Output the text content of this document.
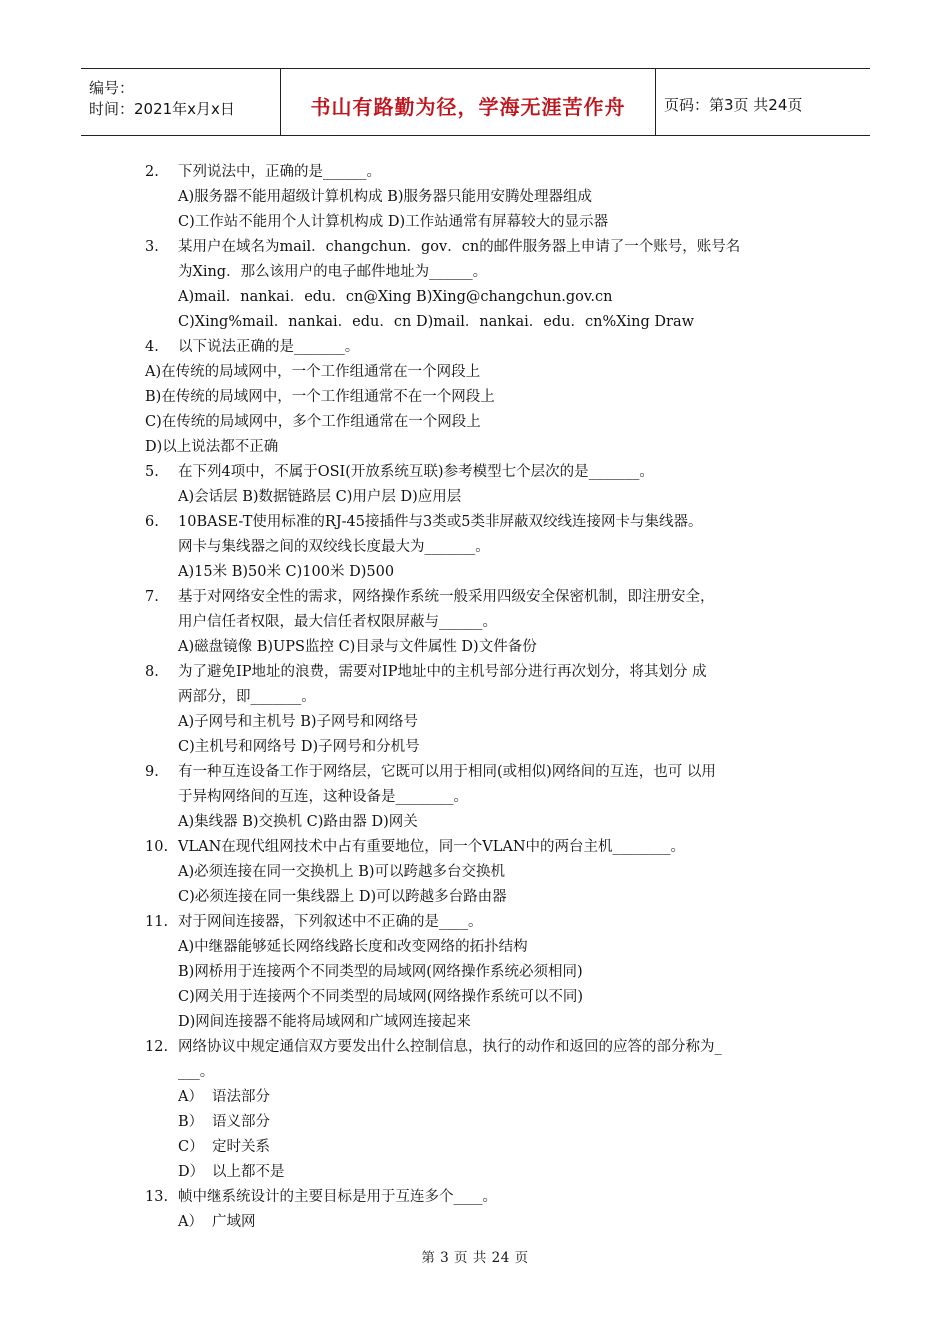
编号：
时间：2021年x月x日	书山有路勤为径，学海无涯苦作舟	页码：第3页 共24页
2. 下列说法中，正确的是______。
A)服务器不能用超级计算机构成 B)服务器只能用安腾处理器组成
C)工作站不能用个人计算机构成 D)工作站通常有屏幕较大的显示器
3. 某用户在域名为mail．changchun．gov．cn的邮件服务器上申请了一个账号，账号名
为Xing．那么该用户的电子邮件地址为______。
A)mail．nankai．edu．cn@Xing B)Xing@changchun.gov.cn
C)Xing%mail．nankai．edu．cn D)mail．nankai．edu．cn%Xing Draw
4. 以下说法正确的是_______。
A)在传统的局域网中，一个工作组通常在一个网段上
B)在传统的局域网中，一个工作组通常不在一个网段上
C)在传统的局域网中，多个工作组通常在一个网段上
D)以上说法都不正确
5. 在下列4项中，不属于OSI(开放系统互联)参考模型七个层次的是_______。
A)会话层 B)数据链路层 C)用户层 D)应用层
6. 10BASE-T使用标准的RJ-45接插件与3类或5类非屏蔽双绞线连接网卡与集线器。
网卡与集线器之间的双绞线长度最大为_______。
A)15米 B)50米 C)100米 D)500
7. 基于对网络安全性的需求，网络操作系统一般采用四级安全保密机制，即注册安全，
用户信任者权限，最大信任者权限屏蔽与______。
A)磁盘镜像 B)UPS监控 C)目录与文件属性 D)文件备份
8. 为了避免IP地址的浪费，需要对IP地址中的主机号部分进行再次划分，将其划分 成
两部分，即_______。
A)子网号和主机号 B)子网号和网络号
C)主机号和网络号 D)子网号和分机号
9. 有一种互连设备工作于网络层，它既可以用于相同(或相似)网络间的互连，也可 以用
于异构网络间的互连，这种设备是________。
A)集线器 B)交换机 C)路由器 D)网关
10. VLAN在现代组网技术中占有重要地位，同一个VLAN中的两台主机________。
A)必须连接在同一交换机上 B)可以跨越多台交换机
C)必须连接在同一集线器上 D)可以跨越多台路由器
11. 对于网间连接器，下列叙述中不正确的是____。
A)中继器能够延长网络线路长度和改变网络的拓扑结构
B)网桥用于连接两个不同类型的局域网(网络操作系统必须相同)
C)网关用于连接两个不同类型的局域网(网络操作系统可以不同)
D)网间连接器不能将局域网和广域网连接起来
12. 网络协议中规定通信双方要发出什么控制信息，执行的动作和返回的应答的部分称为_
___。
A） 语法部分
B） 语义部分
C） 定时关系
D） 以上都不是
13. 帧中继系统设计的主要目标是用于互连多个____。
A） 广域网
第 3 页 共 24 页
